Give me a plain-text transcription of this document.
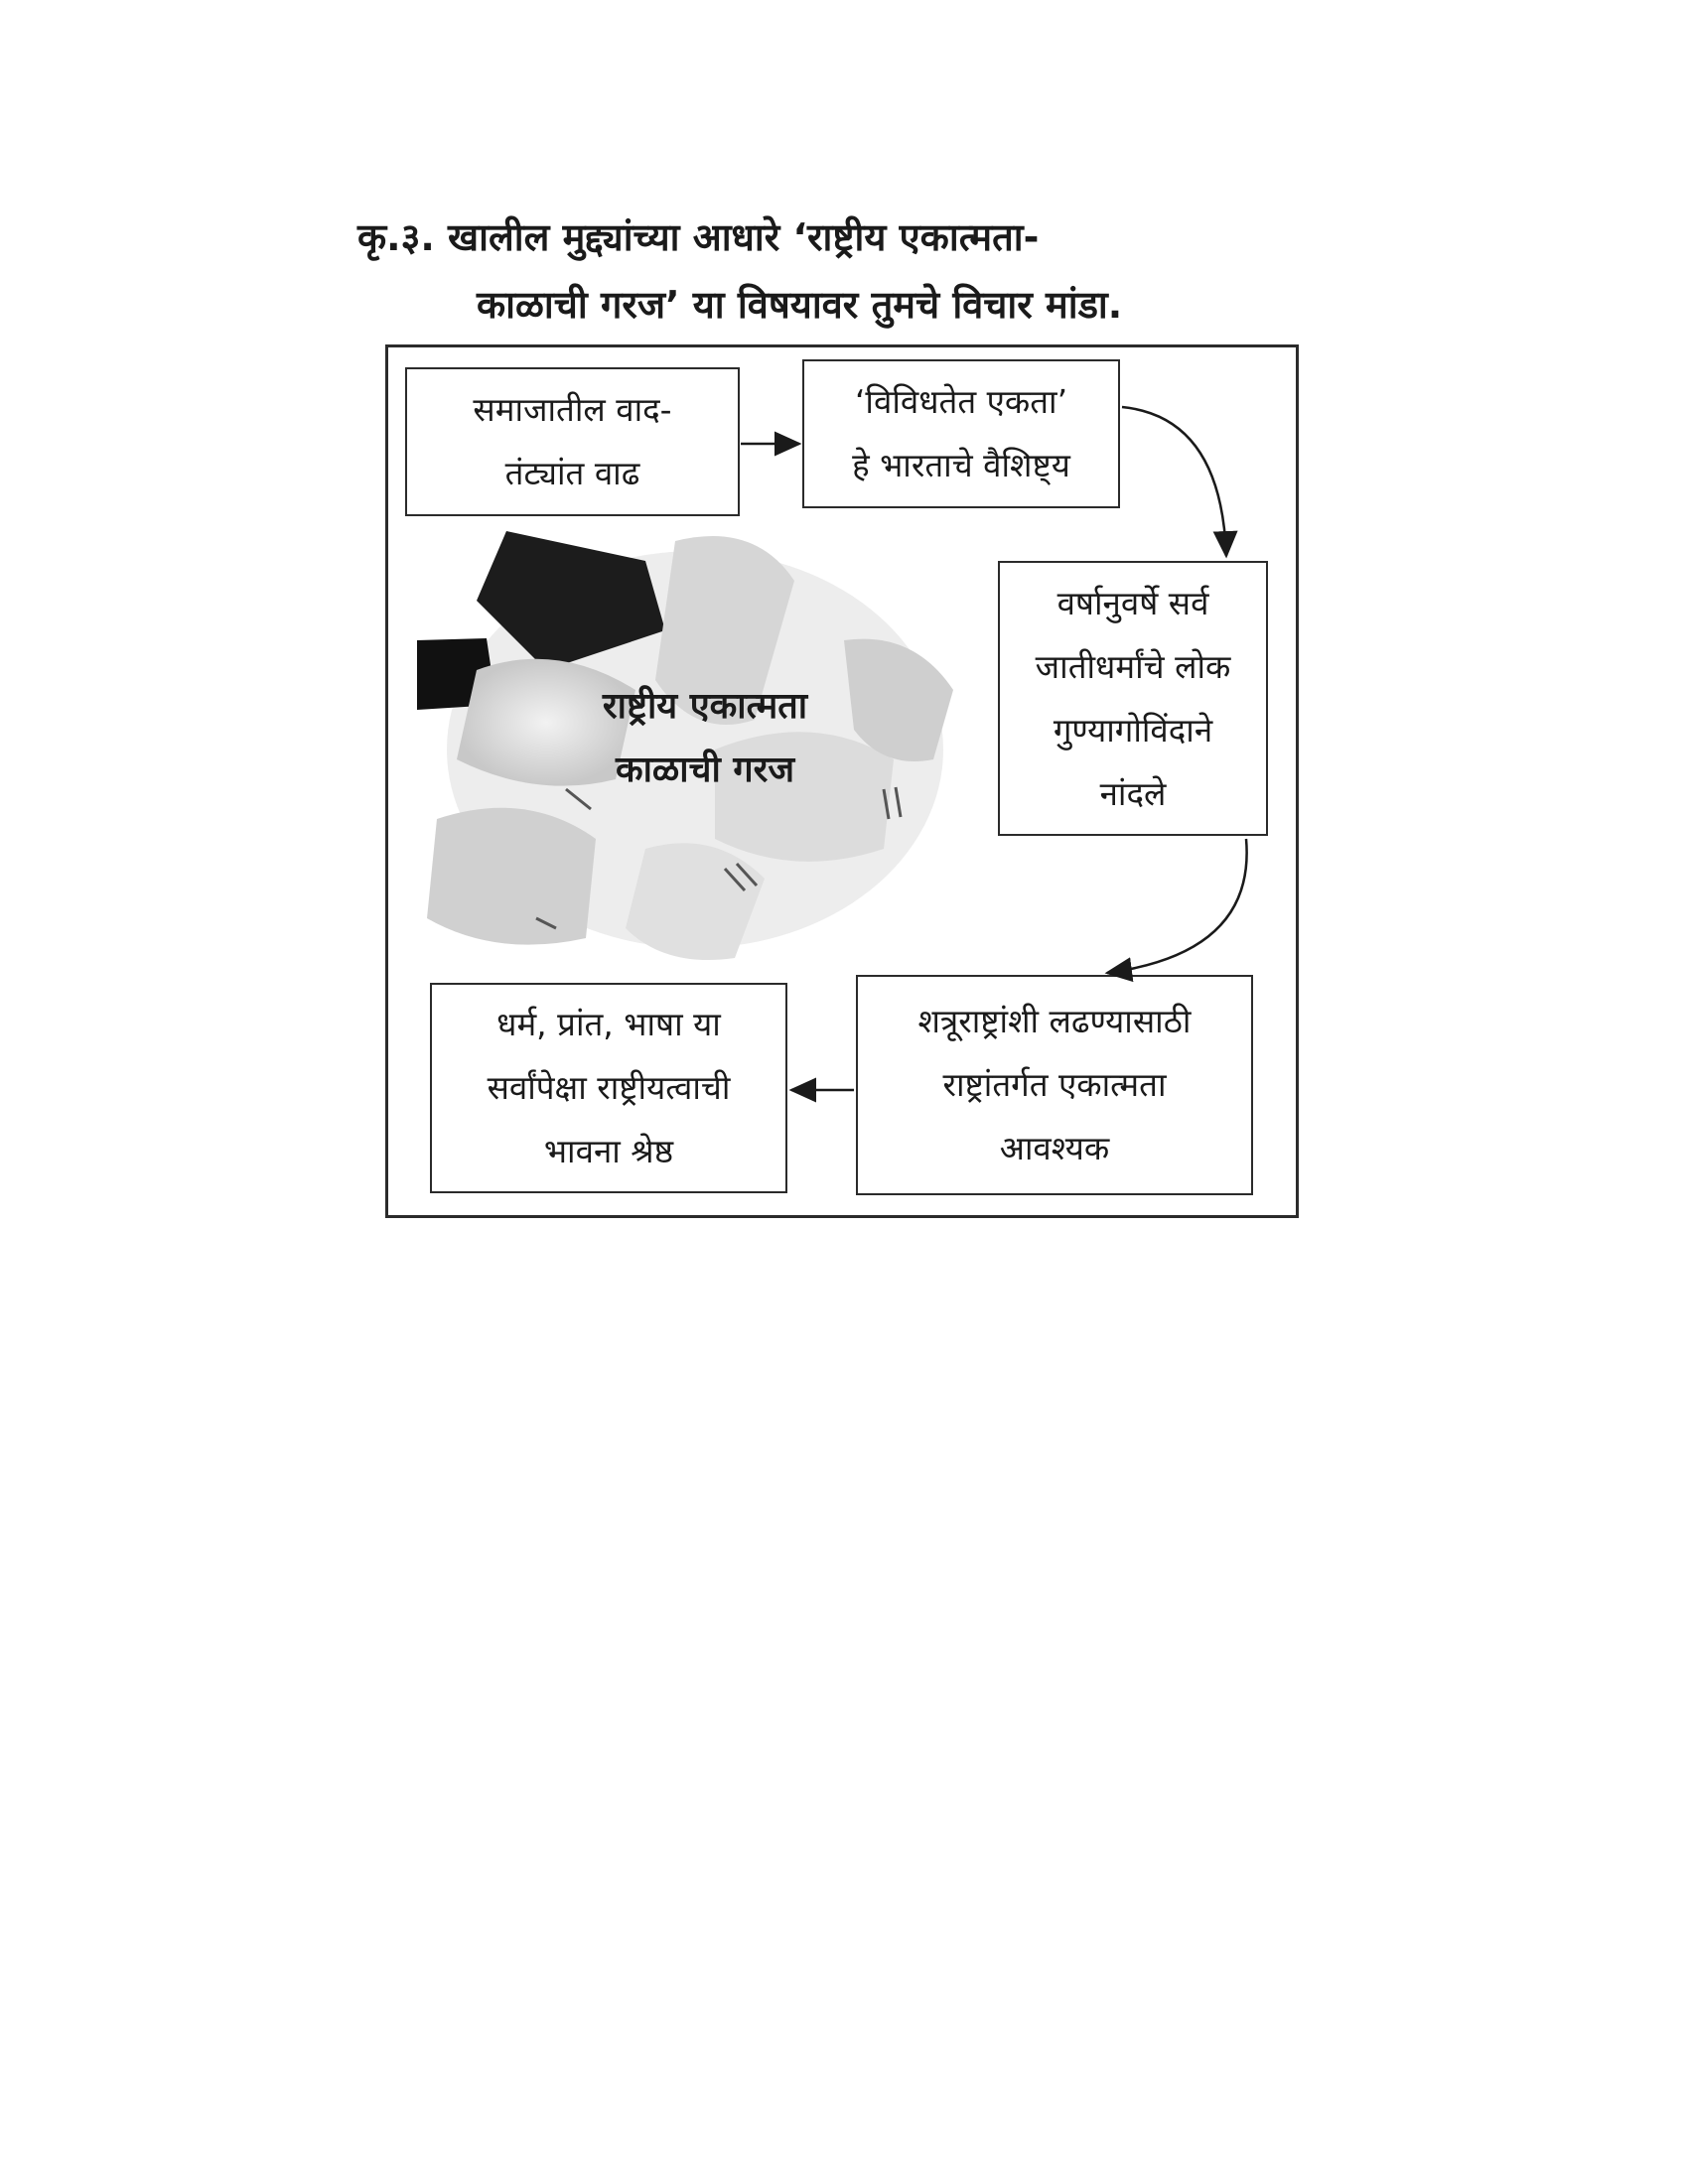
कृ.३. खालील मुद्द्यांच्या आधारे ‘राष्ट्रीय एकात्मता-
काळाची गरज’ या विषयावर तुमचे विचार मांडा.
राष्ट्रीय एकात्मता
काळाची गरज
समाजातील वाद-
तंट्यांत वाढ
‘विविधतेत एकता’
हे भारताचे वैशिष्ट्य
वर्षानुवर्षे सर्व
जातीधर्मांचे लोक
गुण्यागोविंदाने
नांदले
शत्रूराष्ट्रांशी लढण्यासाठी
राष्ट्रांतर्गत एकात्मता
आवश्यक
धर्म, प्रांत, भाषा या
सर्वांपेक्षा राष्ट्रीयत्वाची
भावना श्रेष्ठ
